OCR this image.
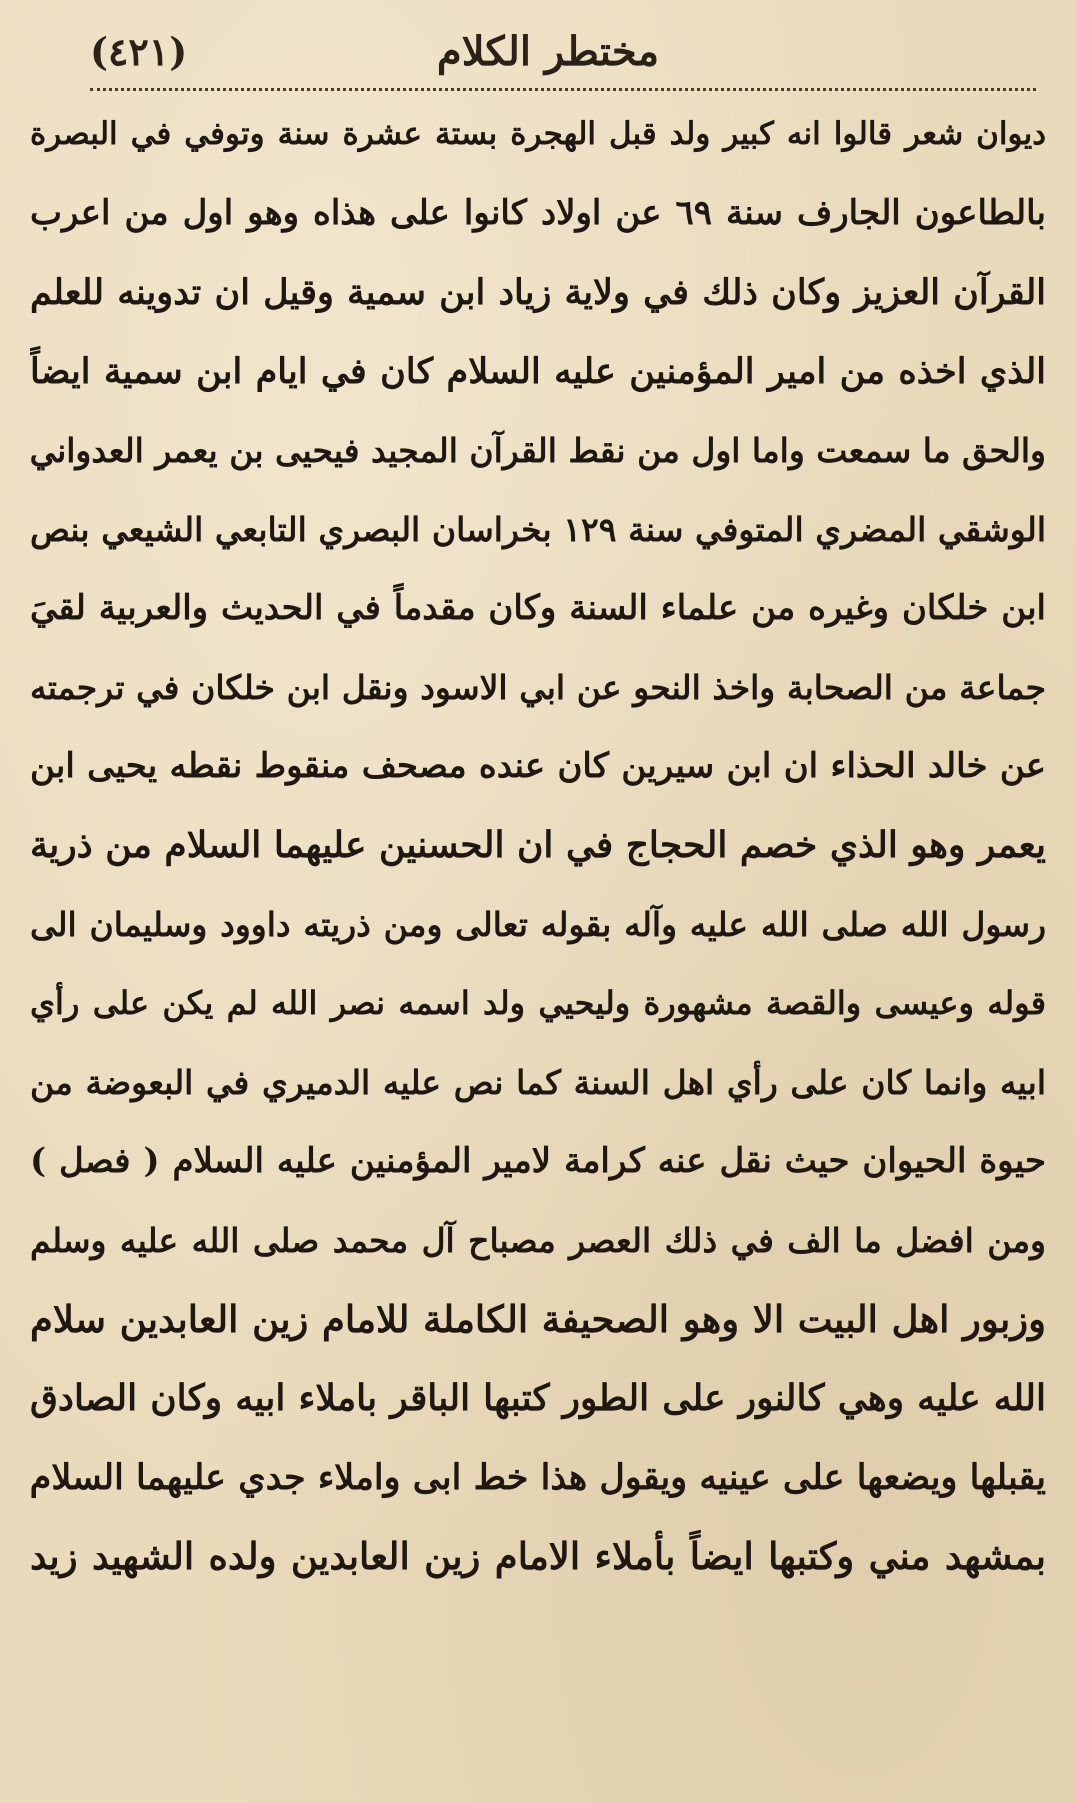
مختطر الكلام
(٤٢١)
ديوان شعر قالوا انه كبير ولد قبل الهجرة بستة عشرة سنة وتوفي في البصرة
بالطاعون الجارف سنة ٦٩ عن اولاد كانوا على هذاه وهو اول من اعرب
القرآن العزيز وكان ذلك في ولاية زياد ابن سمية وقيل ان تدوينه للعلم
الذي اخذه من امير المؤمنين عليه السلام كان في ايام ابن سمية ايضاً
والحق ما سمعت واما اول من نقط القرآن المجيد فيحيى بن يعمر العدواني
الوشقي المضري المتوفي سنة ١٢٩ بخراسان البصري التابعي الشيعي بنص
ابن خلكان وغيره من علماء السنة وكان مقدماً في الحديث والعربية لقيَ
جماعة من الصحابة واخذ النحو عن ابي الاسود ونقل ابن خلكان في ترجمته
عن خالد الحذاء ان ابن سيرين كان عنده مصحف منقوط نقطه يحيى ابن
يعمر وهو الذي خصم الحجاج في ان الحسنين عليهما السلام من ذرية
رسول الله صلى الله عليه وآله بقوله تعالى ومن ذريته داوود وسليمان الى
قوله وعيسى والقصة مشهورة وليحيي ولد اسمه نصر الله لم يكن على رأي
ابيه وانما كان على رأي اهل السنة كما نص عليه الدميري في البعوضة من
حيوة الحيوان حيث نقل عنه كرامة لامير المؤمنين عليه السلام ( فصل )
ومن افضل ما الف في ذلك العصر مصباح آل محمد صلى الله عليه وسلم
وزبور اهل البيت الا وهو الصحيفة الكاملة للامام زين العابدين سلام
الله عليه وهي كالنور على الطور كتبها الباقر باملاء ابيه وكان الصادق
يقبلها ويضعها على عينيه ويقول هذا خط ابى واملاء جدي عليهما السلام
بمشهد مني وكتبها ايضاً بأملاء الامام زين العابدين ولده الشهيد زيد
